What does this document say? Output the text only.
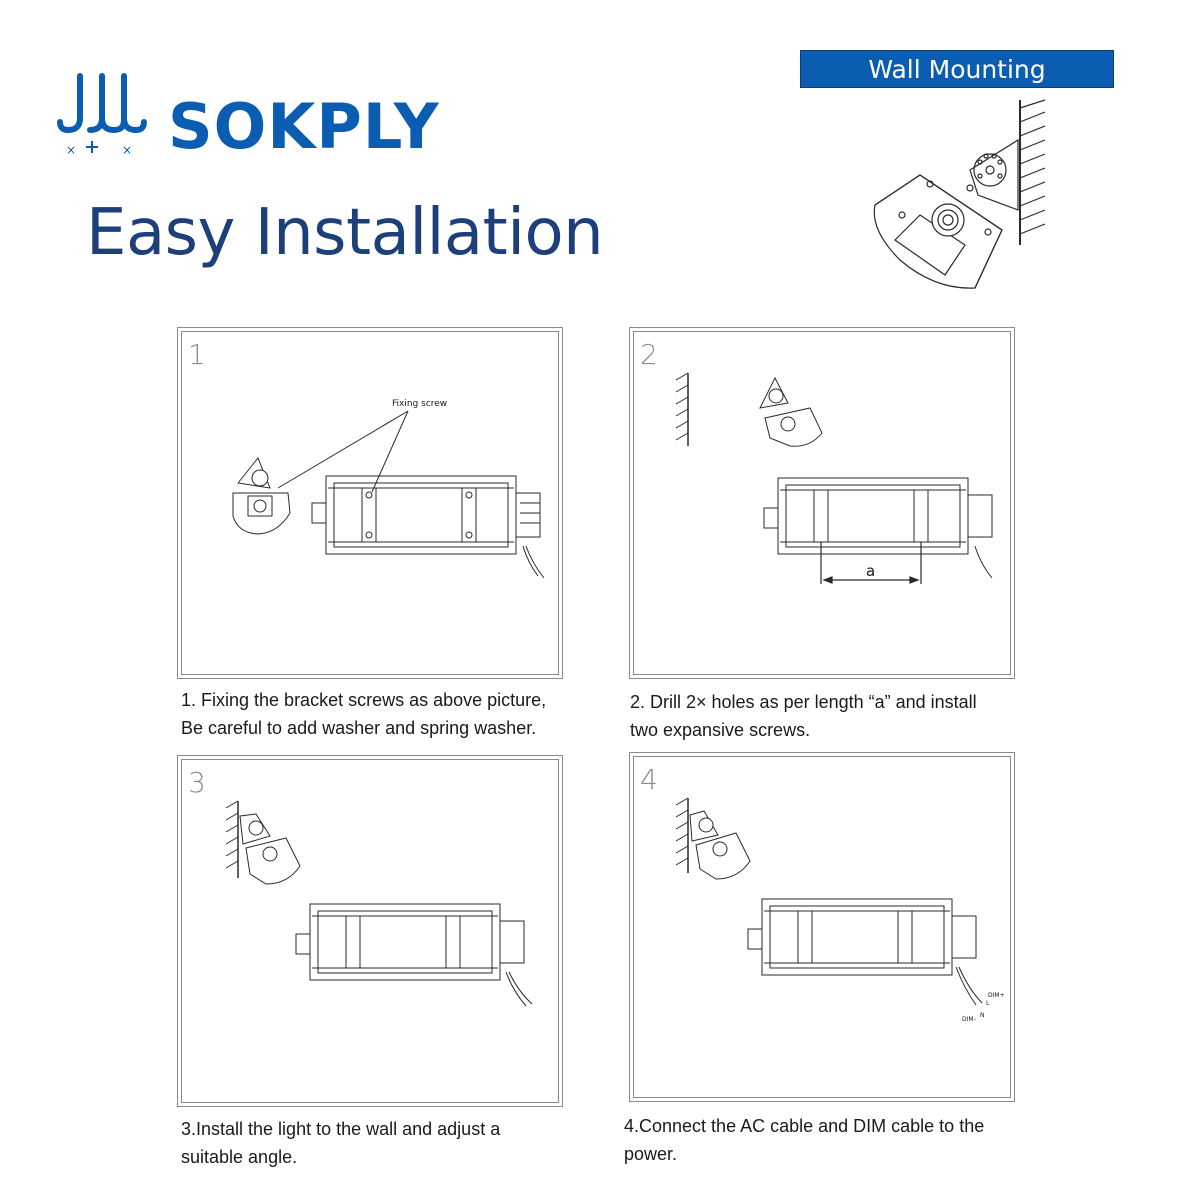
×	× SOKPLY
Easy Installation
Wall Mounting
1
Fixing screw
2
a
3	4
DIM+
L
DIM-
N
1. Fixing the bracket screws as above picture,
Be careful to add washer and spring washer.
2. Drill 2× holes as per length “a” and install
two expansive screws.
3.Install the light to the wall and adjust a
suitable angle.
4.Connect the AC cable and DIM cable to the
power.
